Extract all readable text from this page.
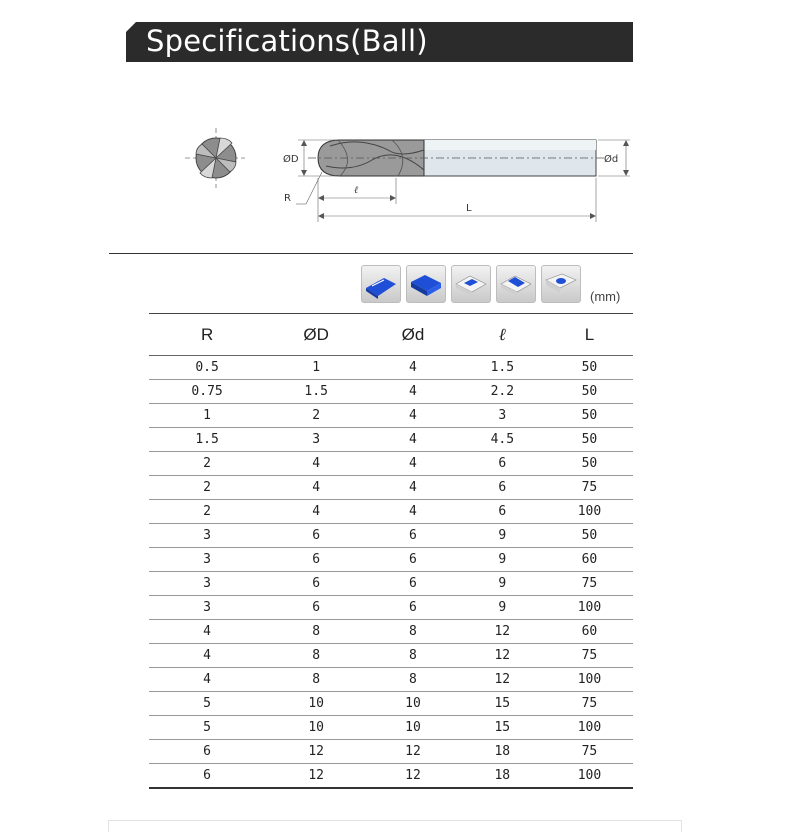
Specifications(Ball)
ØD	Ød
R
ℓ
L
(mm)
R	ØD	Ød	ℓ	L
0.5	1	4	1.5	50
0.75	1.5	4	2.2	50
1	2	4	3	50
1.5	3	4	4.5	50
2	4	4	6	50
2	4	4	6	75
2	4	4	6	100
3	6	6	9	50
3	6	6	9	60
3	6	6	9	75
3	6	6	9	100
4	8	8	12	60
4	8	8	12	75
4	8	8	12	100
5	10	10	15	75
5	10	10	15	100
6	12	12	18	75
6	12	12	18	100
